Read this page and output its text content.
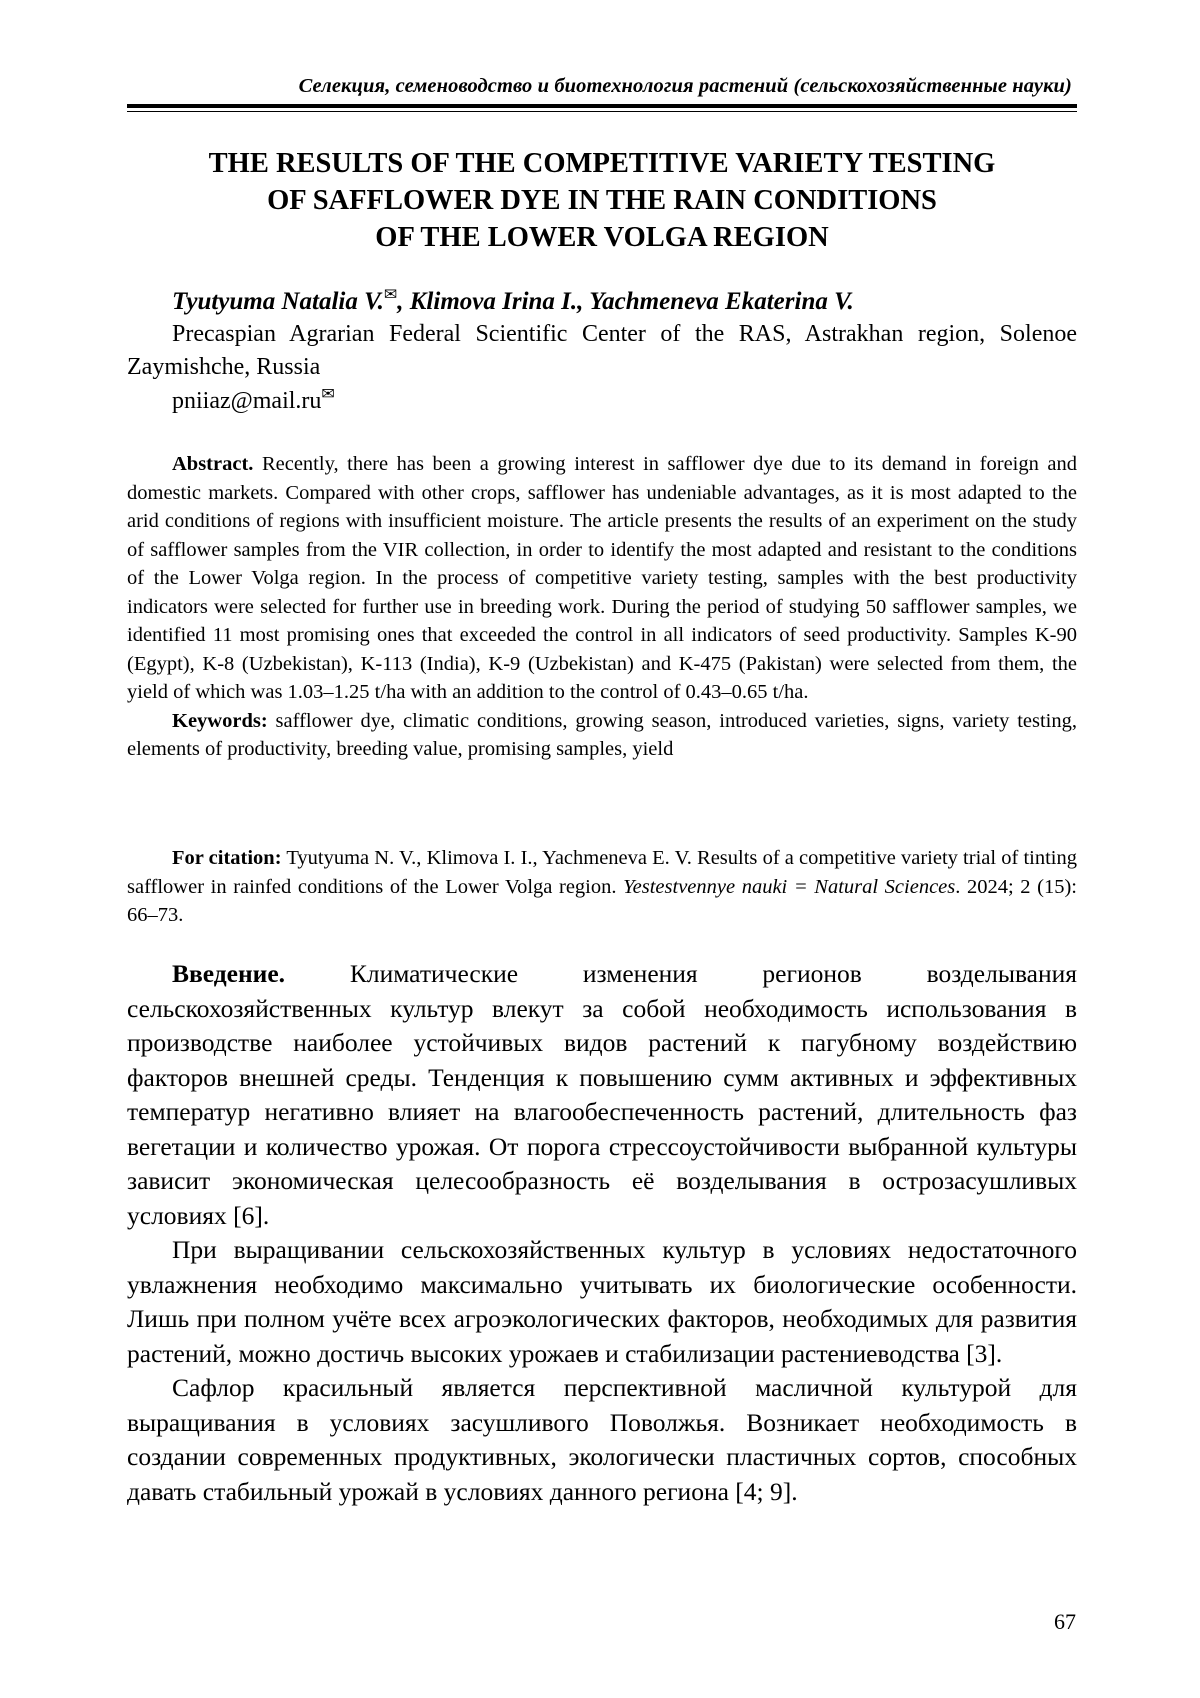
Селекция, семеноводство и биотехнология растений (сельскохозяйственные науки)
THE RESULTS OF THE COMPETITIVE VARIETY TESTING
OF SAFFLOWER DYE IN THE RAIN CONDITIONS
OF THE LOWER VOLGA REGION
Tyutyuma Natalia V.✉, Klimova Irina I., Yachmeneva Ekaterina V.
Precaspian Agrarian Federal Scientific Center of the RAS, Astrakhan region, Solenoe Zaymishche, Russia
pniiaz@mail.ru✉

Abstract. Recently, there has been a growing interest in safflower dye due to its demand in foreign and domestic markets. Compared with other crops, safflower has undeniable advantages, as it is most adapted to the arid conditions of regions with insufficient moisture. The article presents the results of an experiment on the study of safflower samples from the VIR collection, in order to identify the most adapted and resistant to the conditions of the Lower Volga region. In the process of competitive variety testing, samples with the best productivity indicators were selected for further use in breeding work. During the period of studying 50 safflower samples, we identified 11 most promising ones that exceeded the control in all indicators of seed productivity. Samples K-90 (Egypt), K-8 (Uzbekistan), K-113 (India), K-9 (Uzbekistan) and K-475 (Pakistan) were selected from them, the yield of which was 1.03–1.25 t/ha with an addition to the control of 0.43–0.65 t/ha.

Keywords: safflower dye, climatic conditions, growing season, introduced varieties, signs, variety testing, elements of productivity, breeding value, promising samples, yield

For citation: Tyutyuma N. V., Klimova I. I., Yachmeneva E. V. Results of a competitive variety trial of tinting safflower in rainfed conditions of the Lower Volga region. Yestestvennye nauki = Natural Sciences. 2024; 2 (15): 66–73.

Введение. Климатические изменения регионов возделывания сельскохозяйственных культур влекут за собой необходимость использования в производстве наиболее устойчивых видов растений к пагубному воздействию факторов внешней среды. Тенденция к повышению сумм активных и эффективных температур негативно влияет на влагообеспеченность растений, длительность фаз вегетации и количество урожая. От порога стрессоустойчивости выбранной культуры зависит экономическая целесообразность её возделывания в острозасушливых условиях [6].

При выращивании сельскохозяйственных культур в условиях недостаточного увлажнения необходимо максимально учитывать их биологические особенности. Лишь при полном учёте всех агроэкологических факторов, необходимых для развития растений, можно достичь высоких урожаев и стабилизации растениеводства [3].

Сафлор красильный является перспективной масличной культурой для выращивания в условиях засушливого Поволжья. Возникает необходимость в создании современных продуктивных, экологически пластичных сортов, способных давать стабильный урожай в условиях данного региона [4; 9].

67
